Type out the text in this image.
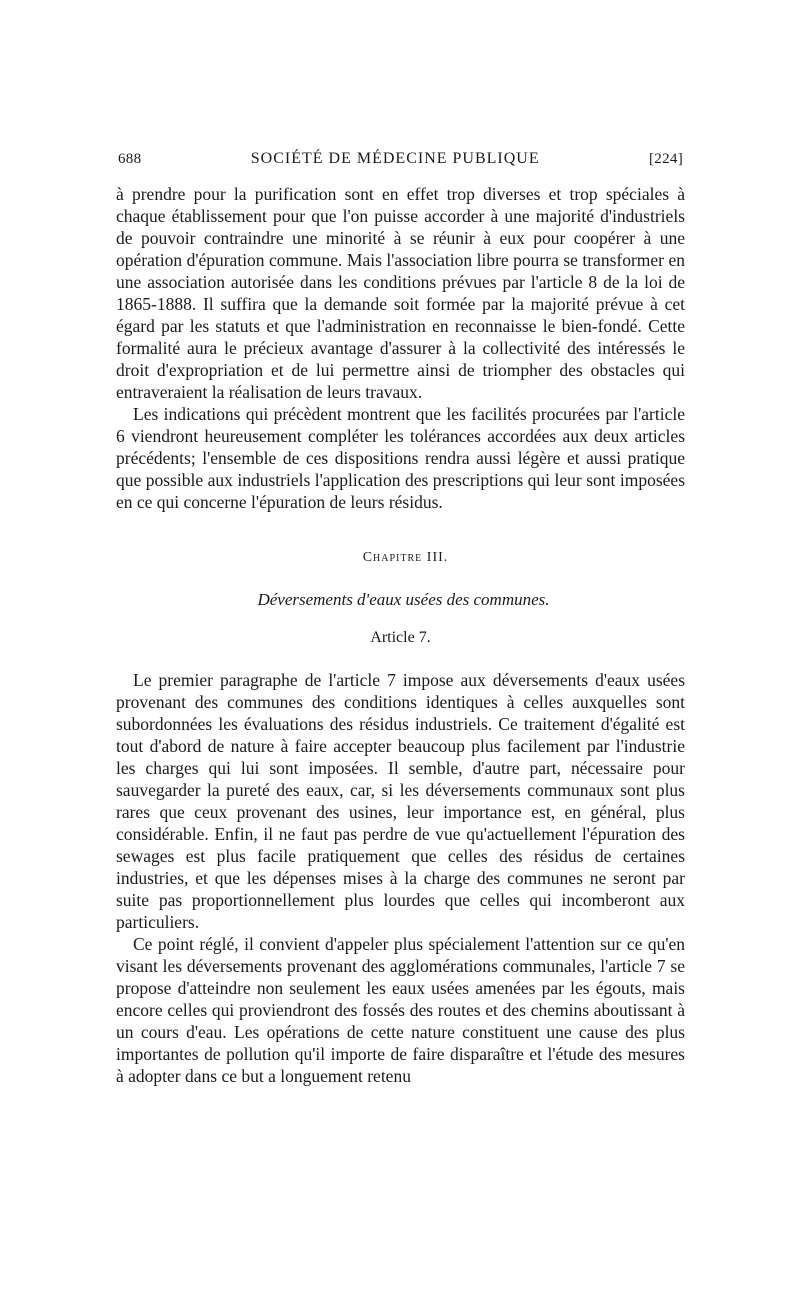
688	SOCIÉTÉ DE MÉDECINE PUBLIQUE	[224]

à prendre pour la purification sont en effet trop diverses et trop spéciales à chaque établissement pour que l'on puisse accorder à une majorité d'industriels de pouvoir contraindre une minorité à se réunir à eux pour coopérer à une opération d'épuration commune. Mais l'association libre pourra se transformer en une association autorisée dans les conditions prévues par l'article 8 de la loi de 1865-1888. Il suffira que la demande soit formée par la majorité prévue à cet égard par les statuts et que l'administration en reconnaisse le bien-fondé. Cette formalité aura le précieux avantage d'assurer à la collectivité des intéressés le droit d'expropriation et de lui permettre ainsi de triompher des obstacles qui entraveraient la réalisation de leurs travaux.

Les indications qui précèdent montrent que les facilités procurées par l'article 6 viendront heureusement compléter les tolérances accordées aux deux articles précédents; l'ensemble de ces dispositions rendra aussi légère et aussi pratique que possible aux industriels l'application des prescriptions qui leur sont imposées en ce qui concerne l'épuration de leurs résidus.

Chapitre III.
Déversements d'eaux usées des communes.
Article 7.

Le premier paragraphe de l'article 7 impose aux déversements d'eaux usées provenant des communes des conditions identiques à celles auxquelles sont subordonnées les évaluations des résidus industriels. Ce traitement d'égalité est tout d'abord de nature à faire accepter beaucoup plus facilement par l'industrie les charges qui lui sont imposées. Il semble, d'autre part, nécessaire pour sauvegarder la pureté des eaux, car, si les déversements communaux sont plus rares que ceux provenant des usines, leur importance est, en général, plus considérable. Enfin, il ne faut pas perdre de vue qu'actuellement l'épuration des sewages est plus facile pratiquement que celles des résidus de certaines industries, et que les dépenses mises à la charge des communes ne seront par suite pas proportionnellement plus lourdes que celles qui incomberont aux particuliers.

Ce point réglé, il convient d'appeler plus spécialement l'attention sur ce qu'en visant les déversements provenant des agglomérations communales, l'article 7 se propose d'atteindre non seulement les eaux usées amenées par les égouts, mais encore celles qui proviendront des fossés des routes et des chemins aboutissant à un cours d'eau. Les opérations de cette nature constituent une cause des plus importantes de pollution qu'il importe de faire disparaître et l'étude des mesures à adopter dans ce but a longuement retenu
